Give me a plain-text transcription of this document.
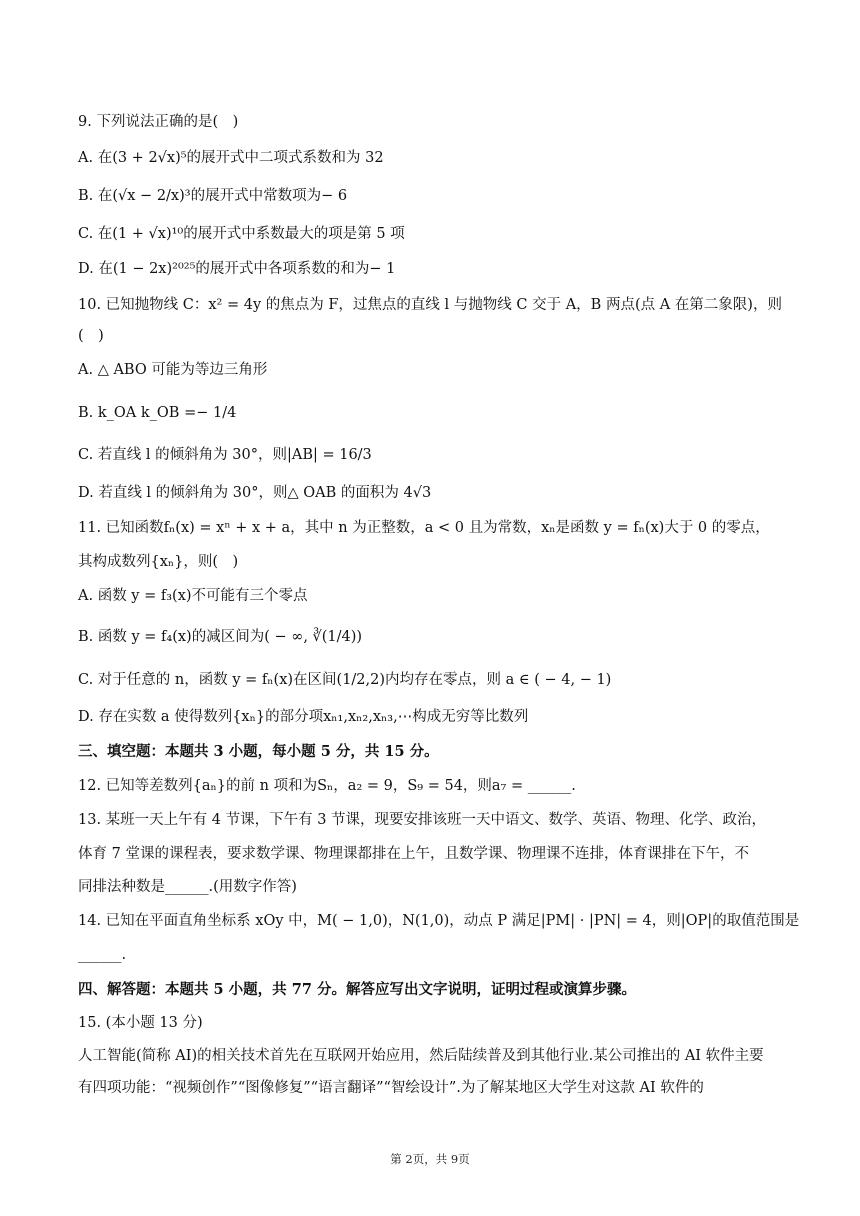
9. 下列说法正确的是(　)
A. 在(3 + 2√x)⁵的展开式中二项式系数和为 32
B. 在(√x − 2/x)³的展开式中常数项为− 6
C. 在(1 + √x)¹⁰的展开式中系数最大的项是第 5 项
D. 在(1 − 2x)²⁰²⁵的展开式中各项系数的和为− 1
10. 已知抛物线 C：x² = 4y 的焦点为 F，过焦点的直线 l 与抛物线 C 交于 A，B 两点(点 A 在第二象限)，则
(　)
A. △ ABO 可能为等边三角形
B. k_OA k_OB =− 1/4
C. 若直线 l 的倾斜角为 30°，则|AB| = 16/3
D. 若直线 l 的倾斜角为 30°，则△ OAB 的面积为 4√3
11. 已知函数fₙ(x) = xⁿ + x + a，其中 n 为正整数，a < 0 且为常数，xₙ是函数 y = fₙ(x)大于 0 的零点，
其构成数列{xₙ}，则(　)
A. 函数 y = f₃(x)不可能有三个零点
B. 函数 y = f₄(x)的减区间为( − ∞, ∛(1/4))
C. 对于任意的 n，函数 y = fₙ(x)在区间(1/2,2)内均存在零点，则 a ∈ ( − 4, − 1)
D. 存在实数 a 使得数列{xₙ}的部分项xₙ₁,xₙ₂,xₙ₃,⋯构成无穷等比数列
三、填空题：本题共 3 小题，每小题 5 分，共 15 分。
12. 已知等差数列{aₙ}的前 n 项和为Sₙ，a₂ = 9，S₉ = 54，则a₇ = ______.
13. 某班一天上午有 4 节课，下午有 3 节课，现要安排该班一天中语文、数学、英语、物理、化学、政治，
体育 7 堂课的课程表，要求数学课、物理课都排在上午，且数学课、物理课不连排，体育课排在下午，不
同排法种数是______.(用数字作答)
14. 已知在平面直角坐标系 xOy 中，M( − 1,0)，N(1,0)，动点 P 满足|PM| · |PN| = 4，则|OP|的取值范围是
______.
四、解答题：本题共 5 小题，共 77 分。解答应写出文字说明，证明过程或演算步骤。
15. (本小题 13 分)
人工智能(简称 AI)的相关技术首先在互联网开始应用，然后陆续普及到其他行业.某公司推出的 AI 软件主要
有四项功能：“视频创作”“图像修复”“语言翻译”“智绘设计”.为了解某地区大学生对这款 AI 软件的
第 2页，共 9页
